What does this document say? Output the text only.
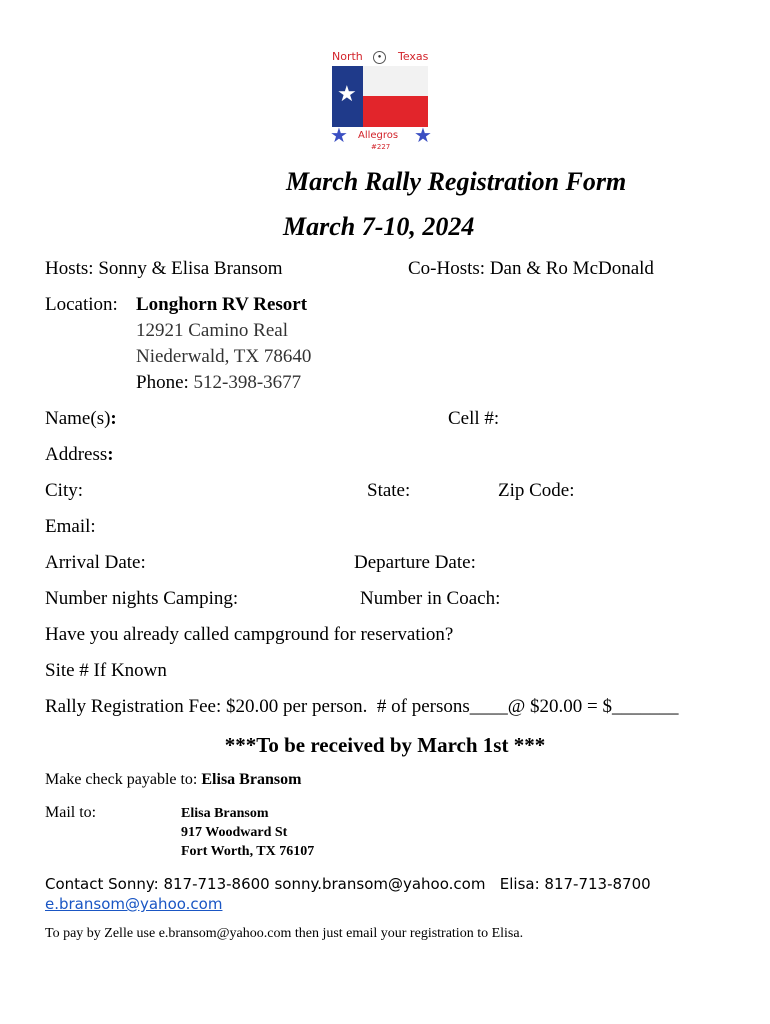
North	●	Texas
★
★	★
Allegros
#227
March Rally Registration Form
March 7-10, 2024
Hosts: Sonny & Elisa Bransom	Co-Hosts: Dan & Ro McDonald
Location: Longhorn RV Resort
12921 Camino Real
Niederwald, TX 78640
Phone: 512-398-3677
Name(s):	Cell #:
Address:
City:	State:	Zip Code:
Email:
Arrival Date:	Departure Date:
Number nights Camping:	Number in Coach:
Have you already called campground for reservation?
Site # If Known
Rally Registration Fee: $20.00 per person.  # of persons____@ $20.00 = $_______
***To be received by March 1st ***
Make check payable to: Elisa Bransom
Mail to:	Elisa Bransom
917 Woodward St
Fort Worth, TX 76107
Contact Sonny: 817-713-8600 sonny.bransom@yahoo.com   Elisa: 817-713-8700
e.bransom@yahoo.com
To pay by Zelle use e.bransom@yahoo.com then just email your registration to Elisa.
